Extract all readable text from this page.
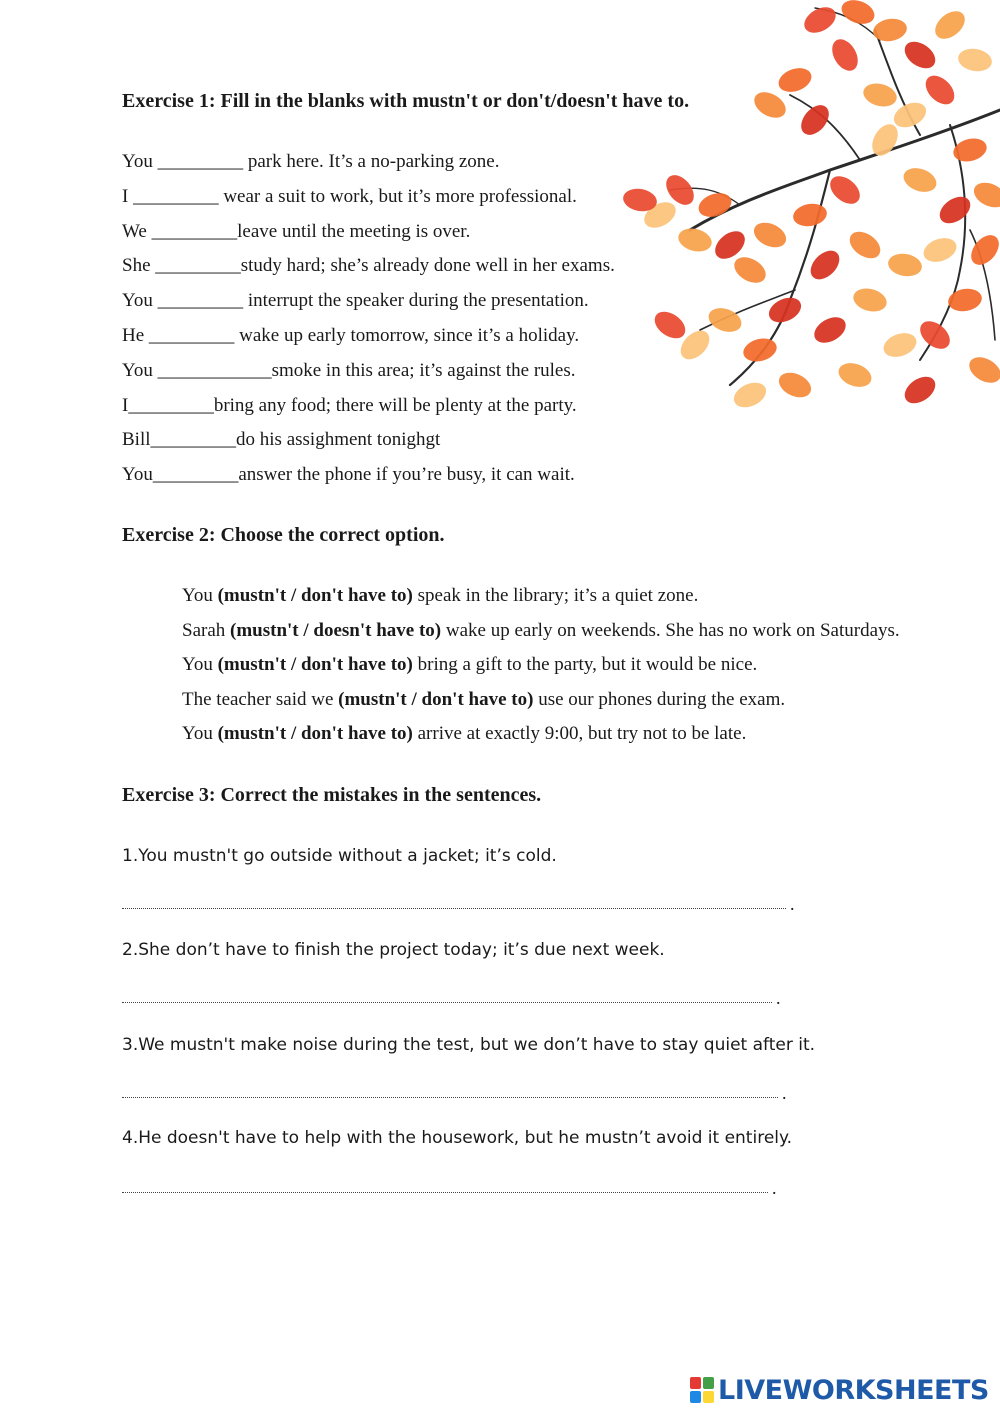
Exercise 1: Fill in the blanks with mustn't or don't/doesn't have to.
You _________ park here. It’s a no-parking zone.
I _________ wear a suit to work, but it’s more professional.
We _________leave until the meeting is over.
She _________study hard; she’s already done well in her exams.
You _________ interrupt the speaker during the presentation.
He _________ wake up early tomorrow, since it’s a holiday.
You ____________smoke in this area; it’s against the rules.
I_________bring any food; there will be plenty at the party.
Bill_________do his assighment tonighgt
You_________answer the phone if you’re busy, it can wait.
Exercise 2: Choose the correct option.
You (mustn't / don't have to) speak in the library; it’s a quiet zone.
Sarah (mustn't / doesn't have to) wake up early on weekends. She has no work on Saturdays.
You (mustn't / don't have to) bring a gift to the party, but it would be nice.
The teacher said we (mustn't / don't have to) use our phones during the exam.
You (mustn't / don't have to) arrive at exactly 9:00, but try not to be late.
Exercise 3: Correct the mistakes in the sentences.
1.You mustn't go outside without a jacket; it’s cold.
.
2.She don’t have to finish the project today; it’s due next week.
.
3.We mustn't make noise during the test, but we don’t have to stay quiet after it.
.
4.He doesn't have to help with the housework, but he mustn’t avoid it entirely.
.
LIVEWORKSHEETS
